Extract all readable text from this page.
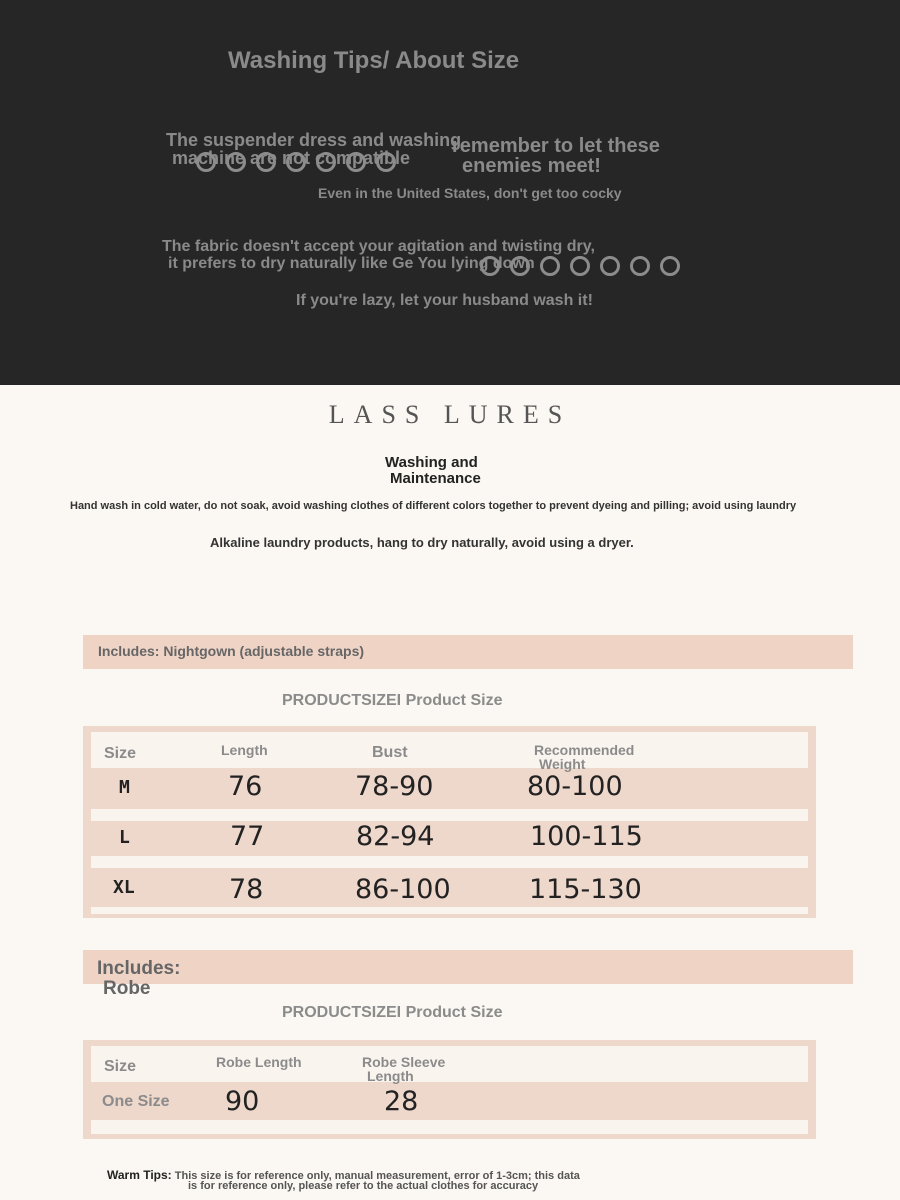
Washing Tips/ About Size
The suspender dress and washing
machine are not compatible
remember to let these
enemies meet!
Even in the United States, don't get too cocky
The fabric doesn't accept your agitation and twisting dry,
it prefers to dry naturally like Ge You lying down
If you're lazy, let your husband wash it!
LASS LURES
Washing and
Maintenance
Hand wash in cold water, do not soak, avoid washing clothes of different colors together to prevent dyeing and pilling; avoid using laundry
Alkaline laundry products, hang to dry naturally, avoid using a dryer.
Includes: Nightgown (adjustable straps)
PRODUCTSIZEI Product Size
Size	Length	Bust	Recommended
Weight
M	76	78-90	80-100
L	77	82-94	100-115
XL	78	86-100	115-130
Includes:
Robe
PRODUCTSIZEI Product Size
Size	Robe Length	Robe Sleeve
Length
One Size 90	28
Warm Tips: This size is for reference only, manual measurement, error of 1-3cm; this data
is for reference only, please refer to the actual clothes for accuracy
